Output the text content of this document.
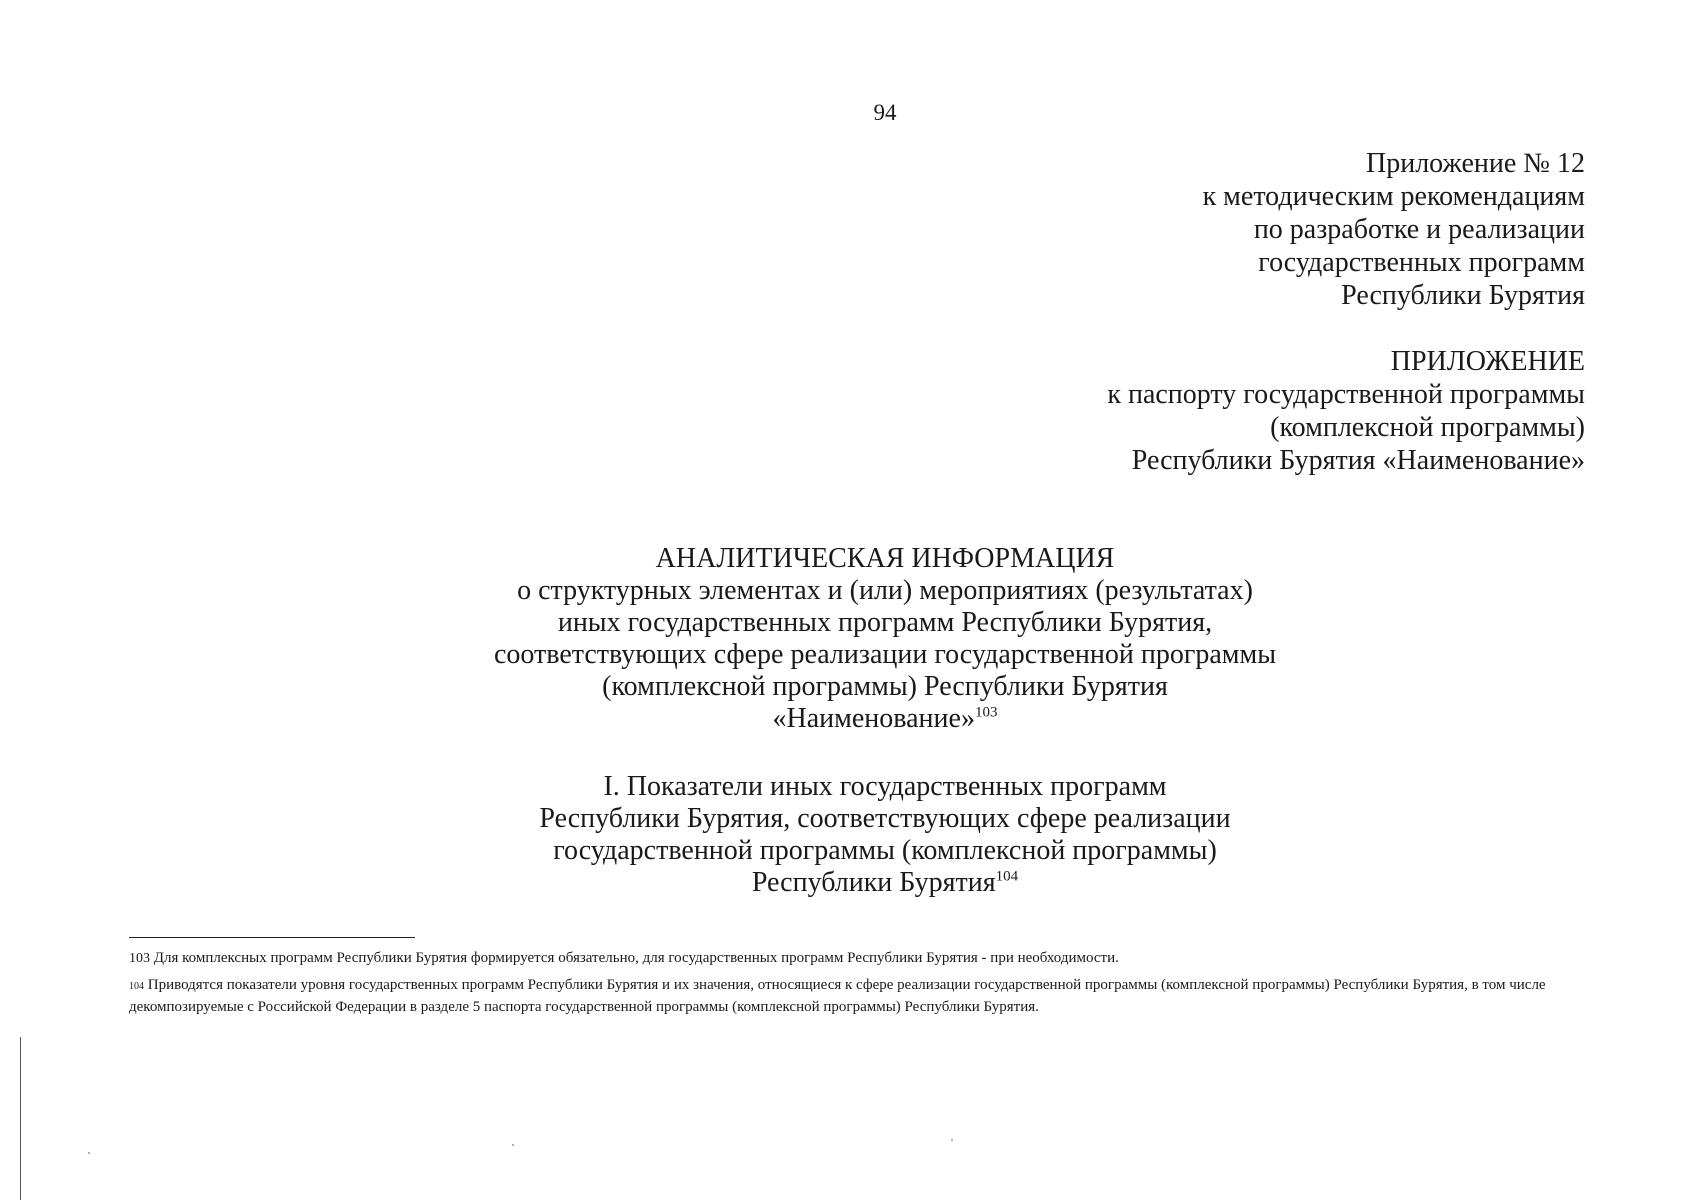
94
Приложение № 12
к методическим рекомендациям
по разработке и реализации
государственных программ
Республики Бурятия
ПРИЛОЖЕНИЕ
к паспорту государственной программы
(комплексной программы)
Республики Бурятия «Наименование»
АНАЛИТИЧЕСКАЯ ИНФОРМАЦИЯ
о структурных элементах и (или) мероприятиях (результатах)
иных государственных программ Республики Бурятия,
соответствующих сфере реализации государственной программы
(комплексной программы) Республики Бурятия
«Наименование»$^{103}$
I. Показатели иных государственных программ
Республики Бурятия, соответствующих сфере реализации
государственной программы (комплексной программы)
Республики Бурятия$^{104}$
103 Для комплексных программ Республики Бурятия формируется обязательно, для государственных программ Республики Бурятия - при необходимости.
104 Приводятся показатели уровня государственных программ Республики Бурятия и их значения, относящиеся к сфере реализации государственной программы (комплексной программы) Республики Бурятия, в том числе декомпозируемые с Российской Федерации в разделе 5 паспорта государственной программы (комплексной программы) Республики Бурятия.
